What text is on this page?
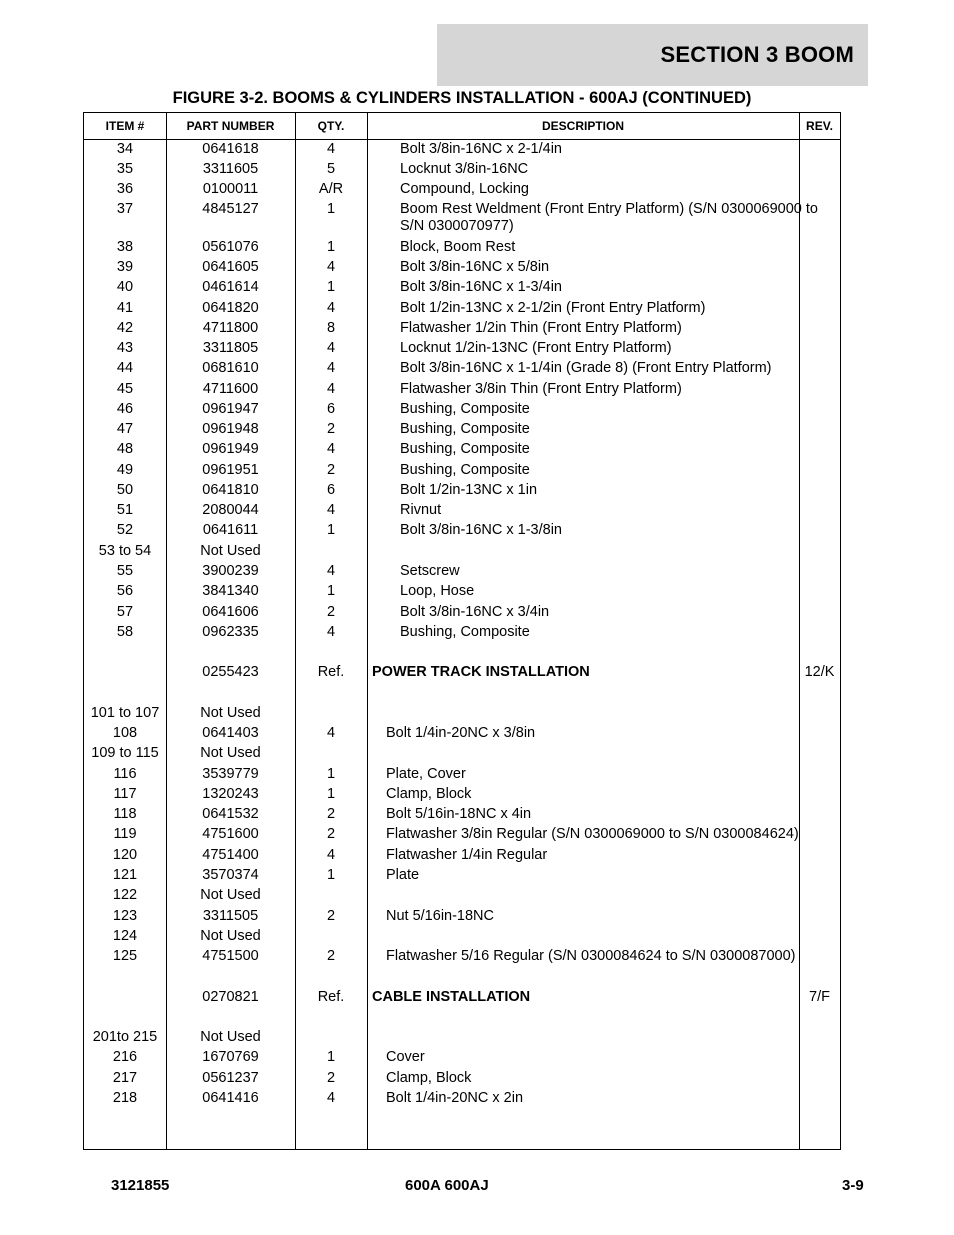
SECTION 3 BOOM
FIGURE 3-2. BOOMS & CYLINDERS INSTALLATION - 600AJ (CONTINUED)
ITEM #	PART NUMBER	QTY.	DESCRIPTION	REV.
34	0641618	4	Bolt 3/8in-16NC x 2-1/4in
35	3311605	5	Locknut 3/8in-16NC
36	0100011	A/R	Compound, Locking
37	4845127	1	Boom Rest Weldment (Front Entry Platform) (S/N 0300069000 to S/N 0300070977)
38	0561076	1	Block, Boom Rest
39	0641605	4	Bolt 3/8in-16NC x 5/8in
40	0461614	1	Bolt 3/8in-16NC x 1-3/4in
41	0641820	4	Bolt 1/2in-13NC x 2-1/2in (Front Entry Platform)
42	4711800	8	Flatwasher 1/2in Thin (Front Entry Platform)
43	3311805	4	Locknut 1/2in-13NC (Front Entry Platform)
44	0681610	4	Bolt 3/8in-16NC x 1-1/4in (Grade 8) (Front Entry Platform)
45	4711600	4	Flatwasher 3/8in Thin (Front Entry Platform)
46	0961947	6	Bushing, Composite
47	0961948	2	Bushing, Composite
48	0961949	4	Bushing, Composite
49	0961951	2	Bushing, Composite
50	0641810	6	Bolt 1/2in-13NC x 1in
51	2080044	4	Rivnut
52	0641611	1	Bolt 3/8in-16NC x 1-3/8in
53 to 54	Not Used
55	3900239	4	Setscrew
56	3841340	1	Loop, Hose
57	0641606	2	Bolt 3/8in-16NC x 3/4in
58	0962335	4	Bushing, Composite
0255423	Ref.	POWER TRACK INSTALLATION	12/K
101 to 107	Not Used
108	0641403	4	Bolt 1/4in-20NC x 3/8in
109 to 115	Not Used
116	3539779	1	Plate, Cover
117	1320243	1	Clamp, Block
118	0641532	2	Bolt 5/16in-18NC x 4in
119	4751600	2	Flatwasher 3/8in Regular (S/N 0300069000 to S/N 0300084624)
120	4751400	4	Flatwasher 1/4in Regular
121	3570374	1	Plate
122	Not Used
123	3311505	2	Nut 5/16in-18NC
124	Not Used
125	4751500	2	Flatwasher 5/16 Regular (S/N 0300084624 to S/N 0300087000)
0270821	Ref.	CABLE INSTALLATION	7/F
201to 215	Not Used
216	1670769	1	Cover
217	0561237	2	Clamp, Block
218	0641416	4	Bolt 1/4in-20NC x 2in
3121855	600A 600AJ	3-9
